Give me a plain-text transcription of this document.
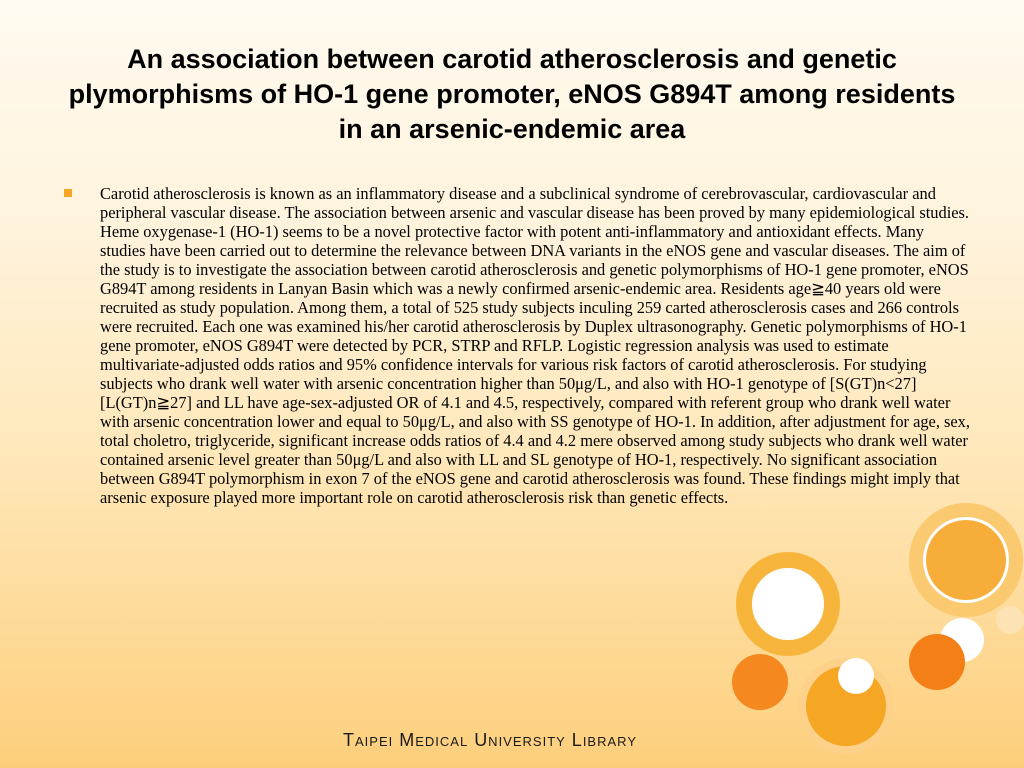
An association between carotid atherosclerosis and genetic plymorphisms of HO-1 gene promoter, eNOS G894T among residents in an arsenic-endemic area
Carotid atherosclerosis is known as an inflammatory disease and a subclinical syndrome of cerebrovascular, cardiovascular and peripheral vascular disease. The association between arsenic and vascular disease has been proved by many epidemiological studies. Heme oxygenase-1 (HO-1) seems to be a novel protective factor with potent anti-inflammatory and antioxidant effects. Many studies have been carried out to determine the relevance between DNA variants in the eNOS gene and vascular diseases. The aim of the study is to investigate the association between carotid atherosclerosis and genetic polymorphisms of HO-1 gene promoter, eNOS G894T among residents in Lanyan Basin which was a newly confirmed arsenic-endemic area. Residents age≧40 years old were recruited as study population. Among them, a total of 525 study subjects inculing 259 carted atherosclerosis cases and 266 controls were recruited. Each one was examined his/her carotid atherosclerosis by Duplex ultrasonography. Genetic polymorphisms of HO-1 gene promoter, eNOS G894T were detected by PCR, STRP and RFLP. Logistic regression analysis was used to estimate multivariate-adjusted odds ratios and 95% confidence intervals for various risk factors of carotid atherosclerosis. For studying subjects who drank well water with arsenic concentration higher than 50μg/L, and also with HO-1 genotype of [S(GT)n<27] [L(GT)n≧27] and LL have age-sex-adjusted OR of 4.1 and 4.5, respectively, compared with referent group who drank well water with arsenic concentration lower and equal to 50μg/L, and also with SS genotype of HO-1. In addition, after adjustment for age, sex, total choletro, triglyceride, significant increase odds ratios of 4.4 and 4.2 mere observed among study subjects who drank well water contained arsenic level greater than 50μg/L and also with LL and SL genotype of HO-1, respectively. No significant association between G894T polymorphism in exon 7 of the eNOS gene and carotid atherosclerosis was found. These findings might imply that arsenic exposure played more important role on carotid atherosclerosis risk than genetic effects.
Taipei Medical University Library
